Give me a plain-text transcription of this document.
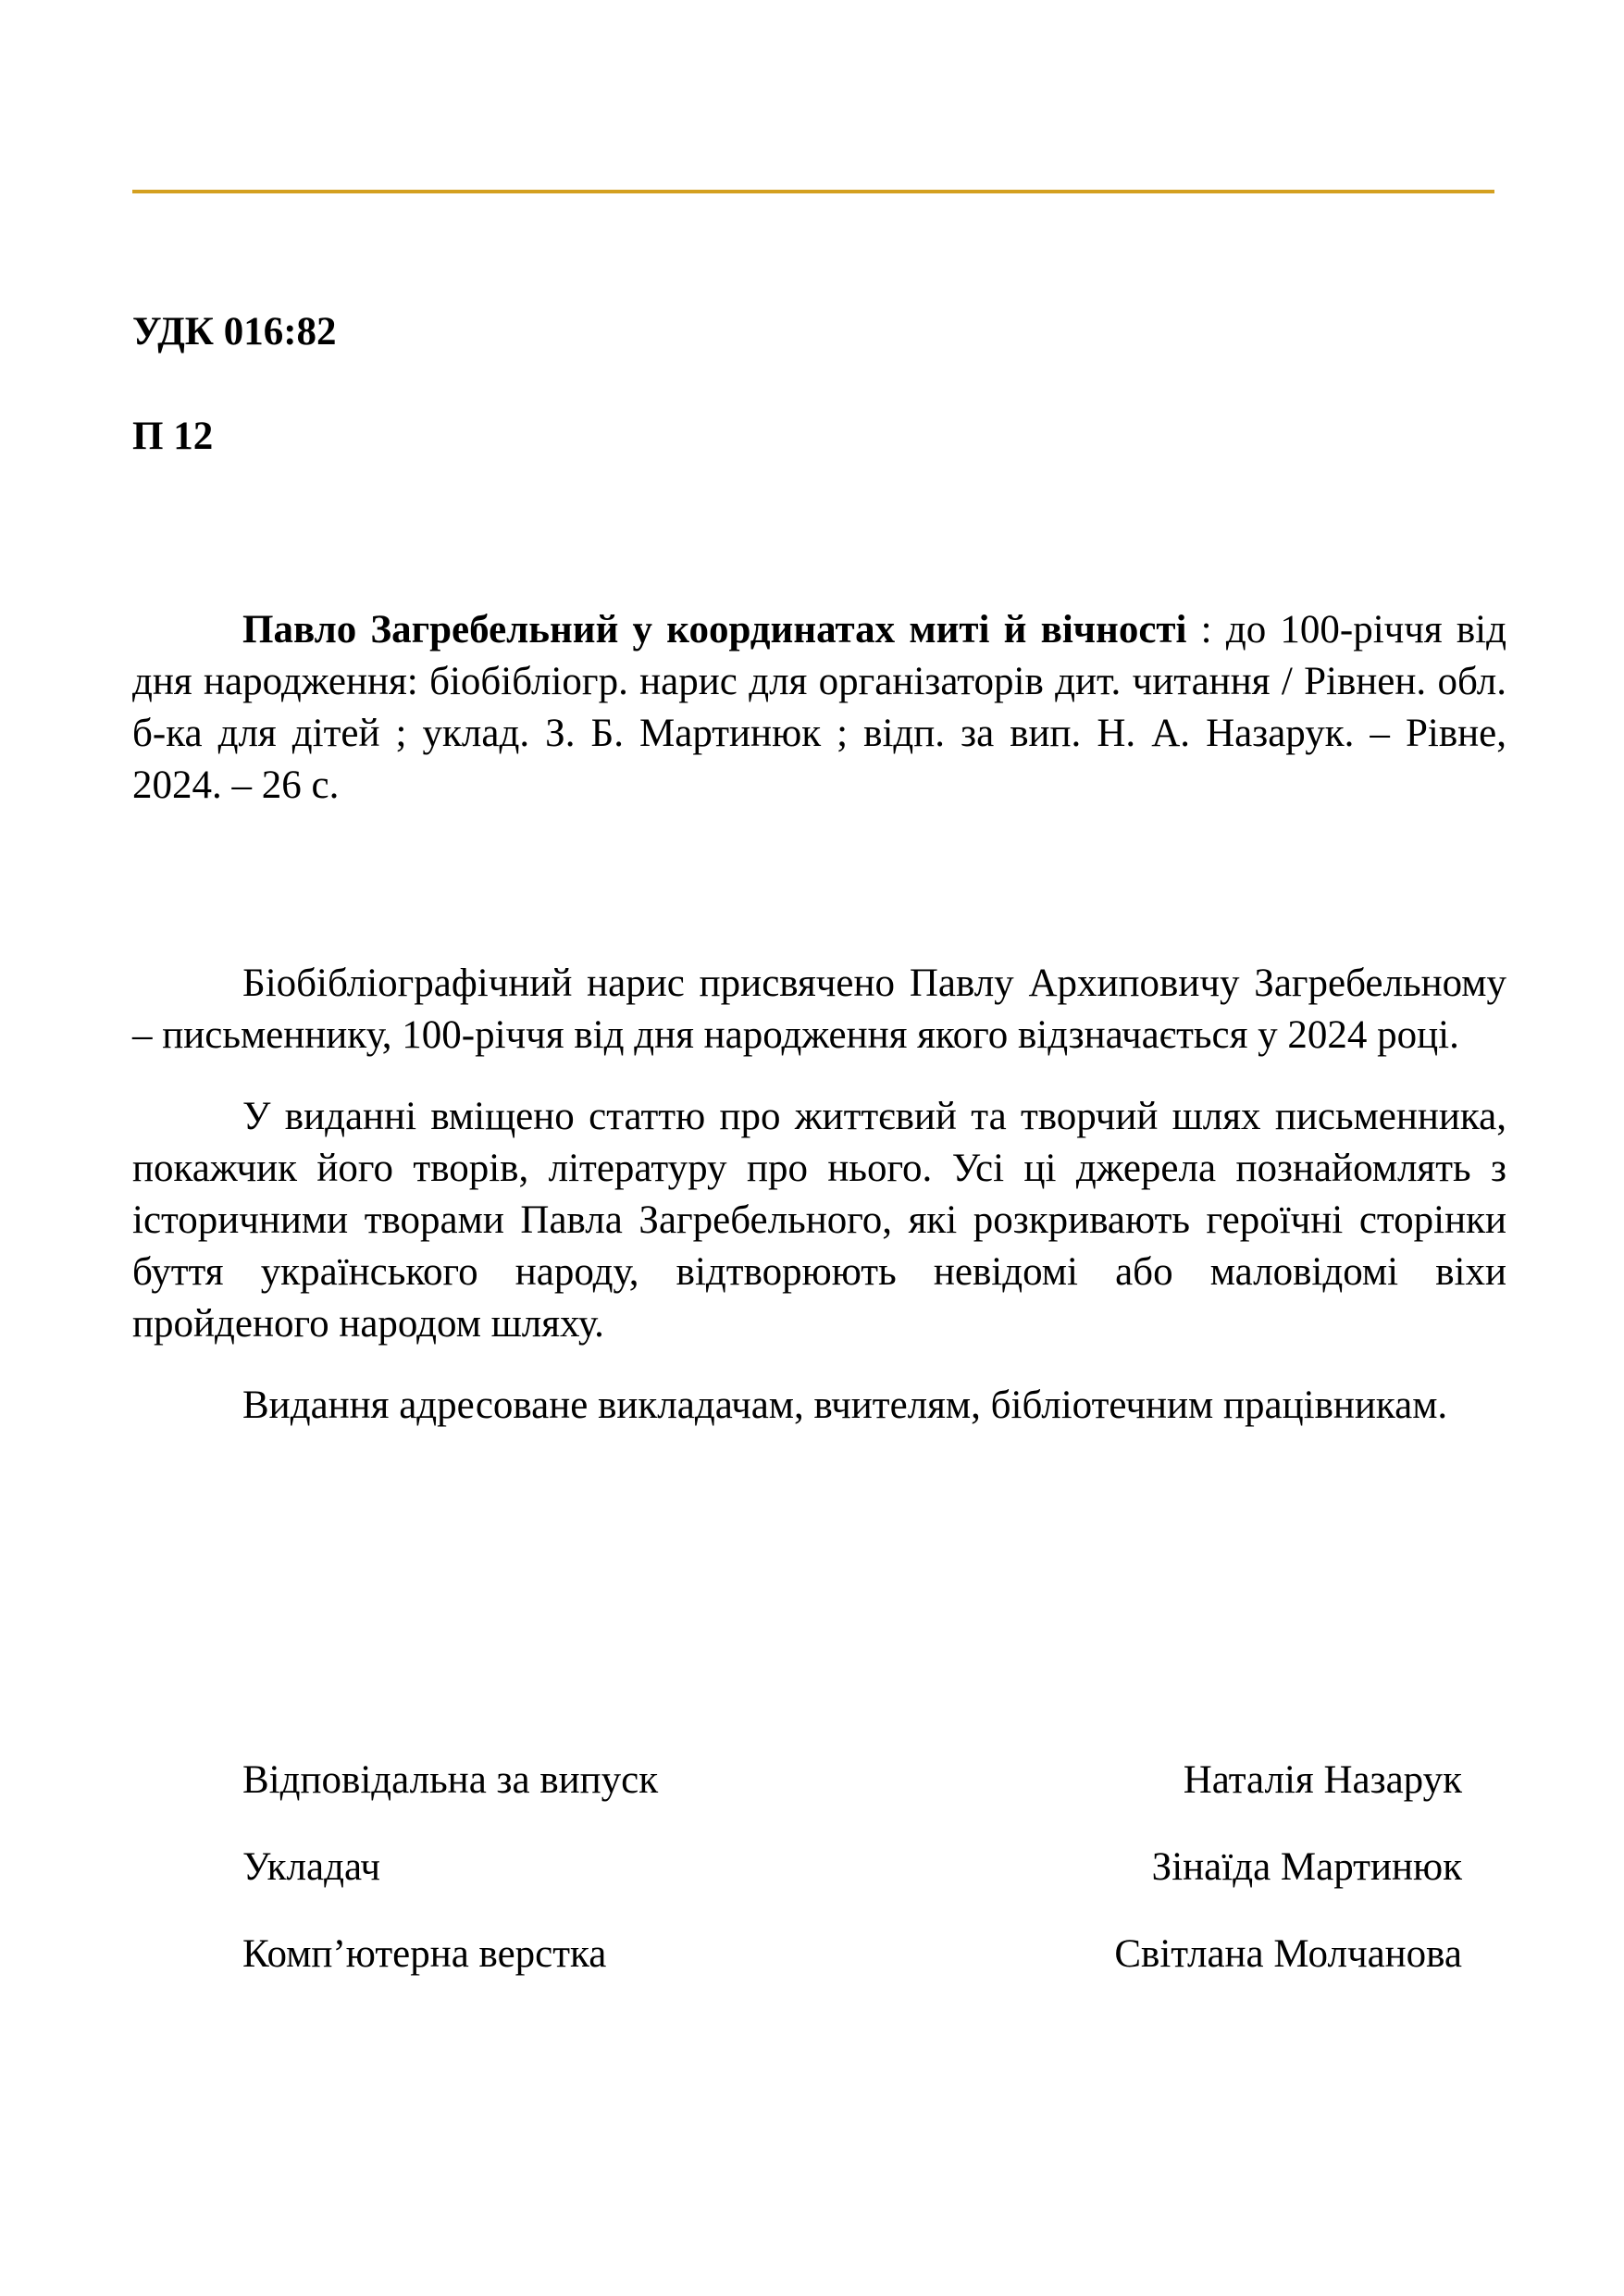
УДК 016:82

П 12

Павло Загребельний у координатах миті й вічності : до 100-річчя від дня народження: біобібліогр. нарис для організаторів дит. читання / Рівнен. обл. б-ка для дітей ; уклад. З. Б. Мартинюк ; відп. за вип. Н. А. Назарук. – Рівне, 2024. – 26 с.

Біобібліографічний нарис присвячено Павлу Архиповичу Загребельному – письменнику, 100-річчя від дня народження якого відзначається у 2024 році.

У виданні вміщено статтю про життєвий та творчий шлях письменника, покажчик його творів, літературу про нього. Усі ці джерела познайомлять з історичними творами Павла Загребельного, які розкривають героїчні сторінки буття українського народу, відтворюють невідомі або маловідомі віхи пройденого народом шляху.

Видання адресоване викладачам, вчителям, бібліотечним працівникам.

Відповідальна за випуск	Наталія Назарук
Укладач	Зінаїда Мартинюк
Комп’ютерна верстка	Світлана Молчанова
